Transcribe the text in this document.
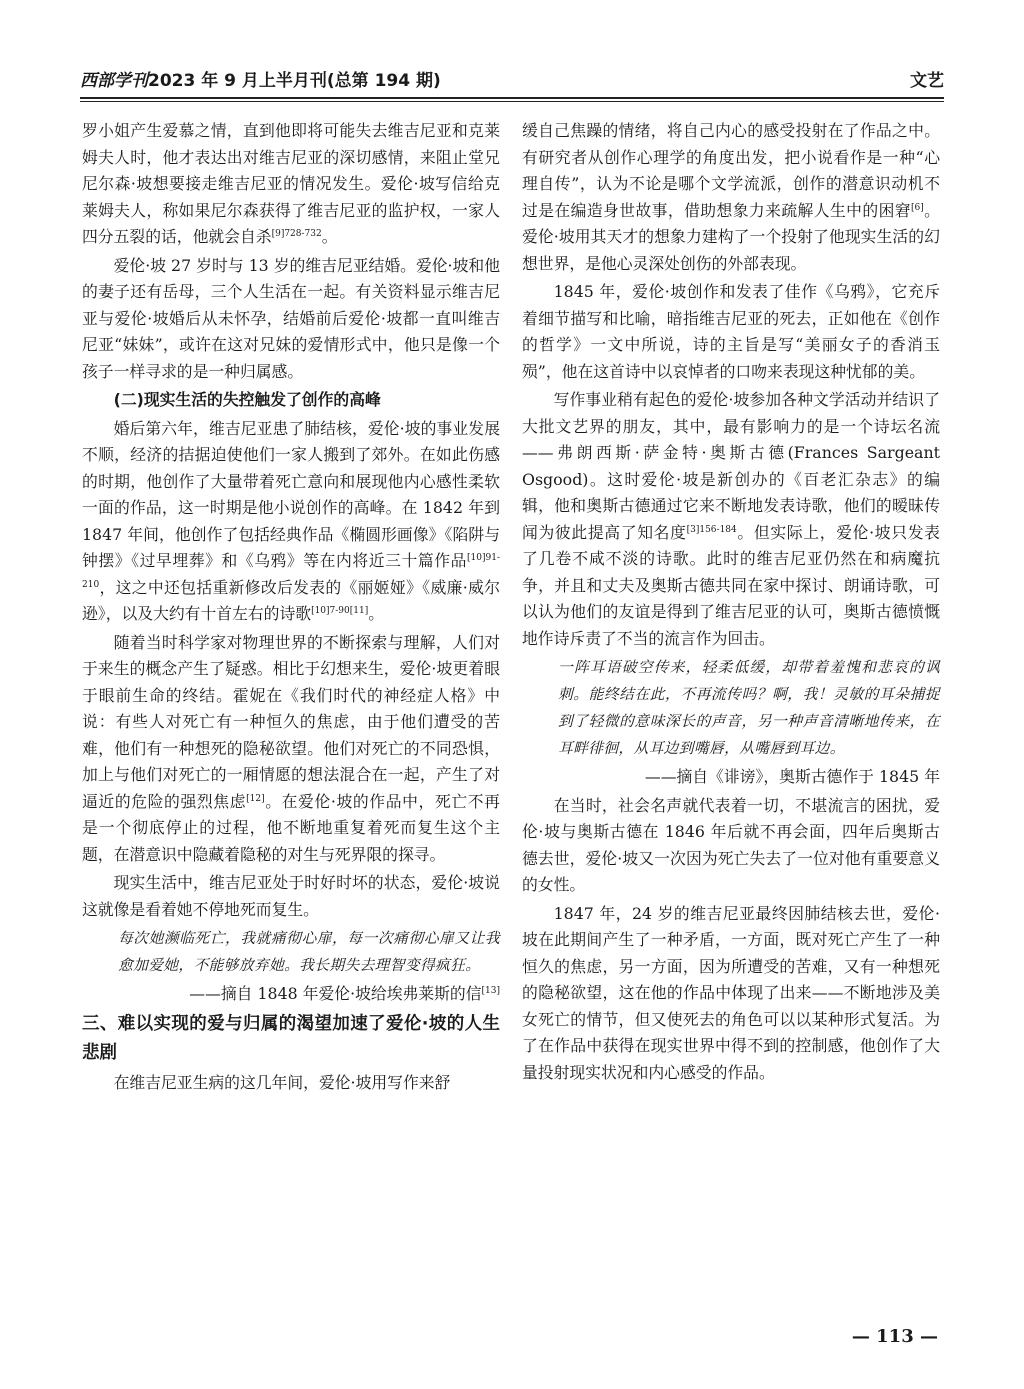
西部学刊2023 年 9 月上半月刊(总第 194 期)	文艺

罗小姐产生爱慕之情，直到他即将可能失去维吉尼亚和克莱姆夫人时，他才表达出对维吉尼亚的深切感情，来阻止堂兄尼尔森·坡想要接走维吉尼亚的情况发生。爱伦·坡写信给克莱姆夫人，称如果尼尔森获得了维吉尼亚的监护权，一家人四分五裂的话，他就会自杀$^{[9]728-732}$。

爱伦·坡 27 岁时与 13 岁的维吉尼亚结婚。爱伦·坡和他的妻子还有岳母，三个人生活在一起。有关资料显示维吉尼亚与爱伦·坡婚后从未怀孕，结婚前后爱伦·坡都一直叫维吉尼亚“妹妹”，或许在这对兄妹的爱情形式中，他只是像一个孩子一样寻求的是一种归属感。

(二)现实生活的失控触发了创作的高峰

婚后第六年，维吉尼亚患了肺结核，爱伦·坡的事业发展不顺，经济的拮据迫使他们一家人搬到了郊外。在如此伤感的时期，他创作了大量带着死亡意向和展现他内心感性柔软一面的作品，这一时期是他小说创作的高峰。在 1842 年到 1847 年间，他创作了包括经典作品《椭圆形画像》《陷阱与钟摆》《过早埋葬》和《乌鸦》等在内将近三十篇作品$^{[10]91-210}$，这之中还包括重新修改后发表的《丽姬娅》《威廉·威尔逊》，以及大约有十首左右的诗歌[10]7-90[11]。

随着当时科学家对物理世界的不断探索与理解，人们对于来生的概念产生了疑惑。相比于幻想来生，爱伦·坡更着眼于眼前生命的终结。霍妮在《我们时代的神经症人格》中说：有些人对死亡有一种恒久的焦虑，由于他们遭受的苦难，他们有一种想死的隐秘欲望。他们对死亡的不同恐惧，加上与他们对死亡的一厢情愿的想法混合在一起，产生了对逼近的危险的强烈焦虑[12]。在爱伦·坡的作品中，死亡不再是一个彻底停止的过程，他不断地重复着死而复生这个主题，在潜意识中隐藏着隐秘的对生与死界限的探寻。

现实生活中，维吉尼亚处于时好时坏的状态，爱伦·坡说这就像是看着她不停地死而复生。

每次她濒临死亡，我就痛彻心扉，每一次痛彻心扉又让我愈加爱她，不能够放弃她。我长期失去理智变得疯狂。

——摘自 1848 年爱伦·坡给埃弗莱斯的信[13]

三、难以实现的爱与归属的渴望加速了爱伦·坡的人生悲剧

在维吉尼亚生病的这几年间，爱伦·坡用写作来舒

缓自己焦躁的情绪，将自己内心的感受投射在了作品之中。有研究者从创作心理学的角度出发，把小说看作是一种“心理自传”，认为不论是哪个文学流派，创作的潜意识动机不过是在编造身世故事，借助想象力来疏解人生中的困窘[6]。爱伦·坡用其天才的想象力建构了一个投射了他现实生活的幻想世界，是他心灵深处创伤的外部表现。

1845 年，爱伦·坡创作和发表了佳作《乌鸦》，它充斥着细节描写和比喻，暗指维吉尼亚的死去，正如他在《创作的哲学》一文中所说，诗的主旨是写“美丽女子的香消玉殒”，他在这首诗中以哀悼者的口吻来表现这种忧郁的美。

写作事业稍有起色的爱伦·坡参加各种文学活动并结识了大批文艺界的朋友，其中，最有影响力的是一个诗坛名流——弗朗西斯·萨金特·奥斯古德(Frances Sargeant Osgood)。这时爱伦·坡是新创办的《百老汇杂志》的编辑，他和奥斯古德通过它来不断地发表诗歌，他们的暧昧传闻为彼此提高了知名度$^{[3]156-184}$。但实际上，爱伦·坡只发表了几卷不咸不淡的诗歌。此时的维吉尼亚仍然在和病魔抗争，并且和丈夫及奥斯古德共同在家中探讨、朗诵诗歌，可以认为他们的友谊是得到了维吉尼亚的认可，奥斯古德愤慨地作诗斥责了不当的流言作为回击。

一阵耳语破空传来，轻柔低缓，却带着羞愧和悲哀的讽刺。能终结在此，不再流传吗？啊，我！灵敏的耳朵捕捉到了轻微的意味深长的声音，另一种声音清晰地传来，在耳畔徘徊，从耳边到嘴唇，从嘴唇到耳边。

——摘自《诽谤》，奥斯古德作于 1845 年

在当时，社会名声就代表着一切，不堪流言的困扰，爱伦·坡与奥斯古德在 1846 年后就不再会面，四年后奥斯古德去世，爱伦·坡又一次因为死亡失去了一位对他有重要意义的女性。

1847 年，24 岁的维吉尼亚最终因肺结核去世，爱伦·坡在此期间产生了一种矛盾，一方面，既对死亡产生了一种恒久的焦虑，另一方面，因为所遭受的苦难，又有一种想死的隐秘欲望，这在他的作品中体现了出来——不断地涉及美女死亡的情节，但又使死去的角色可以以某种形式复活。为了在作品中获得在现实世界中得不到的控制感，他创作了大量投射现实状况和内心感受的作品。

— 113 —
